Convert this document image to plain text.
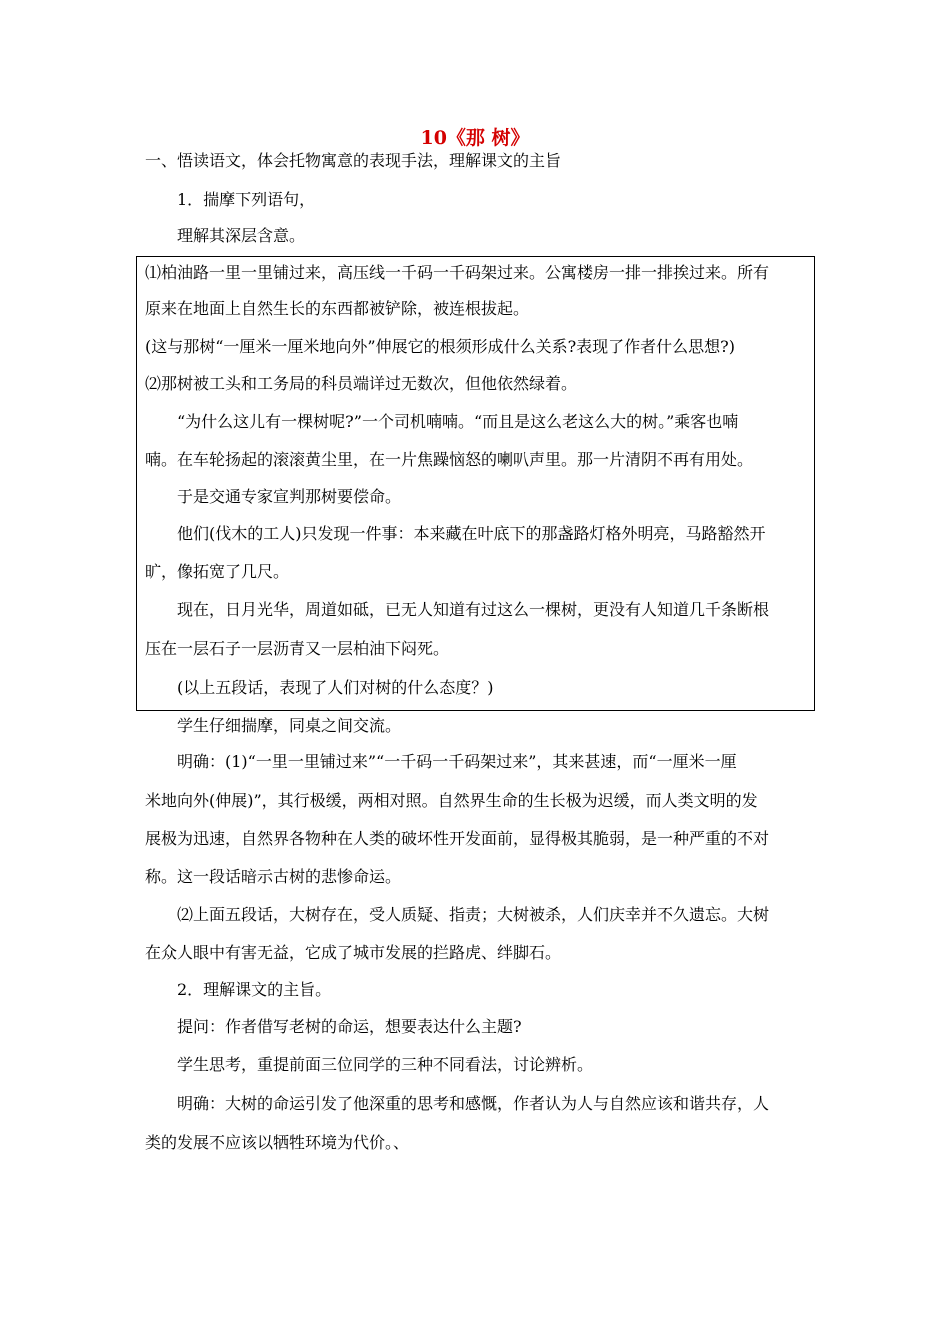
10《那 树》
一、悟读语文，体会托物寓意的表现手法，理解课文的主旨
1．揣摩下列语句，
理解其深层含意。
⑴柏油路一里一里铺过来，高压线一千码一千码架过来。公寓楼房一排一排挨过来。所有
原来在地面上自然生长的东西都被铲除，被连根拔起。
(这与那树“一厘米一厘米地向外”伸展它的根须形成什么关系?表现了作者什么思想?)
⑵那树被工头和工务局的科员端详过无数次，但他依然绿着。
“为什么这儿有一棵树呢?”一个司机喃喃。“而且是这么老这么大的树。”乘客也喃
喃。在车轮扬起的滚滚黄尘里，在一片焦躁恼怒的喇叭声里。那一片清阴不再有用处。
于是交通专家宣判那树要偿命。
他们(伐木的工人)只发现一件事：本来藏在叶底下的那盏路灯格外明亮，马路豁然开
旷，像拓宽了几尺。
现在，日月光华，周道如砥，已无人知道有过这么一棵树，更没有人知道几千条断根
压在一层石子一层沥青又一层柏油下闷死。
(以上五段话，表现了人们对树的什么态度？)
学生仔细揣摩，同桌之间交流。
明确：(1)“一里一里铺过来”“一千码一千码架过来”，其来甚速，而“一厘米一厘
米地向外(伸展)”，其行极缓，两相对照。自然界生命的生长极为迟缓，而人类文明的发
展极为迅速，自然界各物种在人类的破坏性开发面前，显得极其脆弱，是一种严重的不对
称。这一段话暗示古树的悲惨命运。
⑵上面五段话，大树存在，受人质疑、指责；大树被杀，人们庆幸并不久遗忘。大树
在众人眼中有害无益，它成了城市发展的拦路虎、绊脚石。
2．理解课文的主旨。
提问：作者借写老树的命运，想要表达什么主题?
学生思考，重提前面三位同学的三种不同看法，讨论辨析。
明确：大树的命运引发了他深重的思考和感慨，作者认为人与自然应该和谐共存，人
类的发展不应该以牺牲环境为代价。、
